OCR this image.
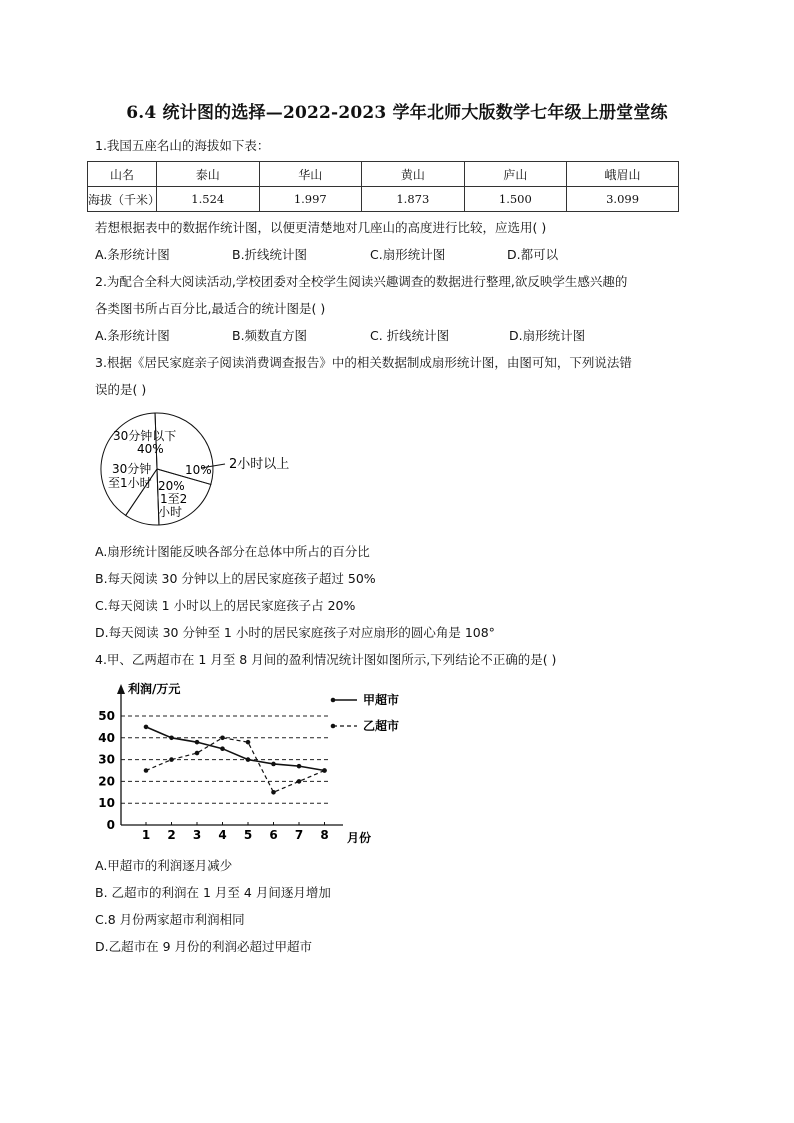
6.4 统计图的选择—2022-2023 学年北师大版数学七年级上册堂堂练
1.我国五座名山的海拔如下表：
山名	泰山	华山	黄山	庐山	峨眉山
海拔（千米）	1.524	1.997	1.873	1.500	3.099
若想根据表中的数据作统计图，以便更清楚地对几座山的高度进行比较，应选用( )
A.条形统计图	B.折线统计图	C.扇形统计图	D.都可以
2.为配合全科大阅读活动,学校团委对全校学生阅读兴趣调查的数据进行整理,欲反映学生感兴趣的
各类图书所占百分比,最适合的统计图是( )
A.条形统计图	B.频数直方图	C. 折线统计图	D.扇形统计图
3.根据《居民家庭亲子阅读消费调查报告》中的相关数据制成扇形统计图，由图可知，下列说法错
误的是( )
30分钟以下
40%
30分钟
至1小时 20%
1至2
小时
10% 2小时以上
A.扇形统计图能反映各部分在总体中所占的百分比
B.每天阅读 30 分钟以上的居民家庭孩子超过 50%
C.每天阅读 1 小时以上的居民家庭孩子占 20%
D.每天阅读 30 分钟至 1 小时的居民家庭孩子对应扇形的圆心角是 108°
4.甲、乙两超市在 1 月至 8 月间的盈利情况统计图如图所示,下列结论不正确的是( )
利润/万元
月份
0
10
20
30
40
50
1 2 3 4 5 6 7 8
甲超市
乙超市
A.甲超市的利润逐月减少
B. 乙超市的利润在 1 月至 4 月间逐月增加
C.8 月份两家超市利润相同
D.乙超市在 9 月份的利润必超过甲超市
